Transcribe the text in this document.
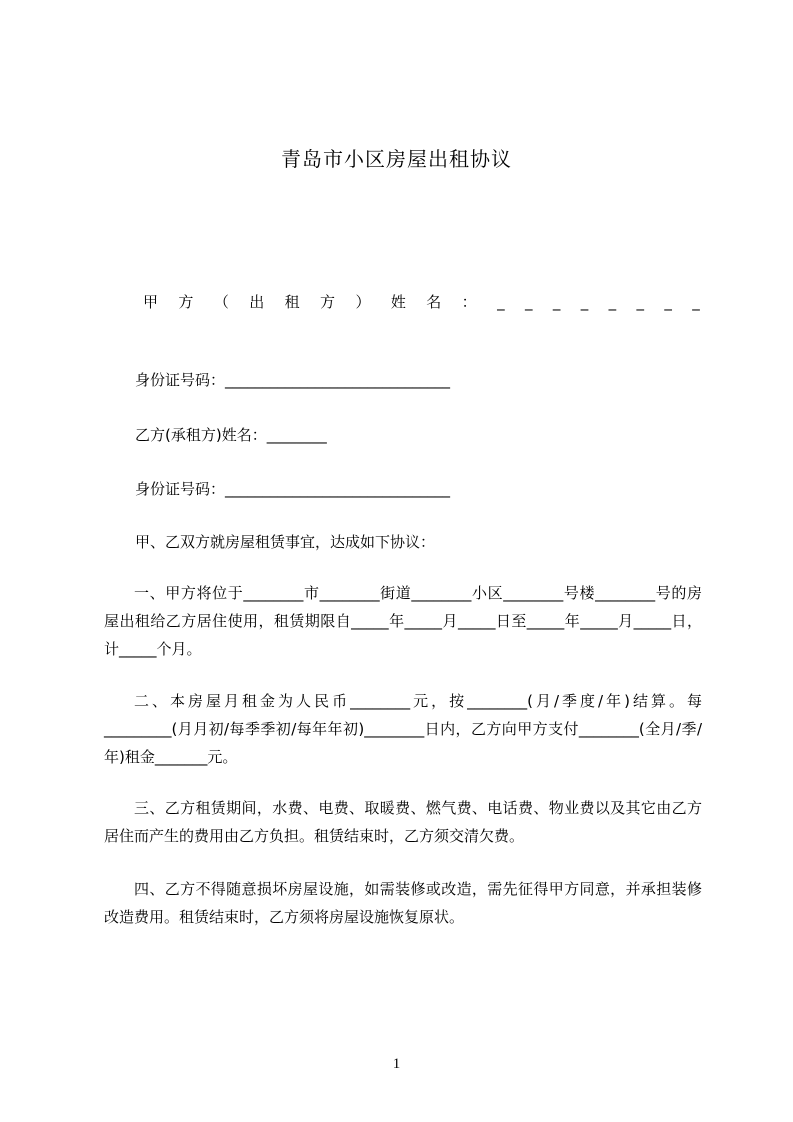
青岛市小区房屋出租协议
甲 方 （ 出 租 方 ） 姓 名 ： _ _ _ _ _ _ _ _
身份证号码：______________________________
乙方(承租方)姓名：________
身份证号码：______________________________
甲、乙双方就房屋租赁事宜，达成如下协议：
一、甲方将位于________市________街道________小区________号楼________号的房屋出租给乙方居住使用，租赁期限自_____年_____月_____日至_____年_____月_____日，计_____个月。
二、本房屋月租金为人民币________元，按________(月/季度/年)结算。每_________(月月初/每季季初/每年年初)________日内，乙方向甲方支付________(全月/季/年)租金_______元。
三、乙方租赁期间，水费、电费、取暖费、燃气费、电话费、物业费以及其它由乙方居住而产生的费用由乙方负担。租赁结束时，乙方须交清欠费。
四、乙方不得随意损坏房屋设施，如需装修或改造，需先征得甲方同意，并承担装修改造费用。租赁结束时，乙方须将房屋设施恢复原状。
1
